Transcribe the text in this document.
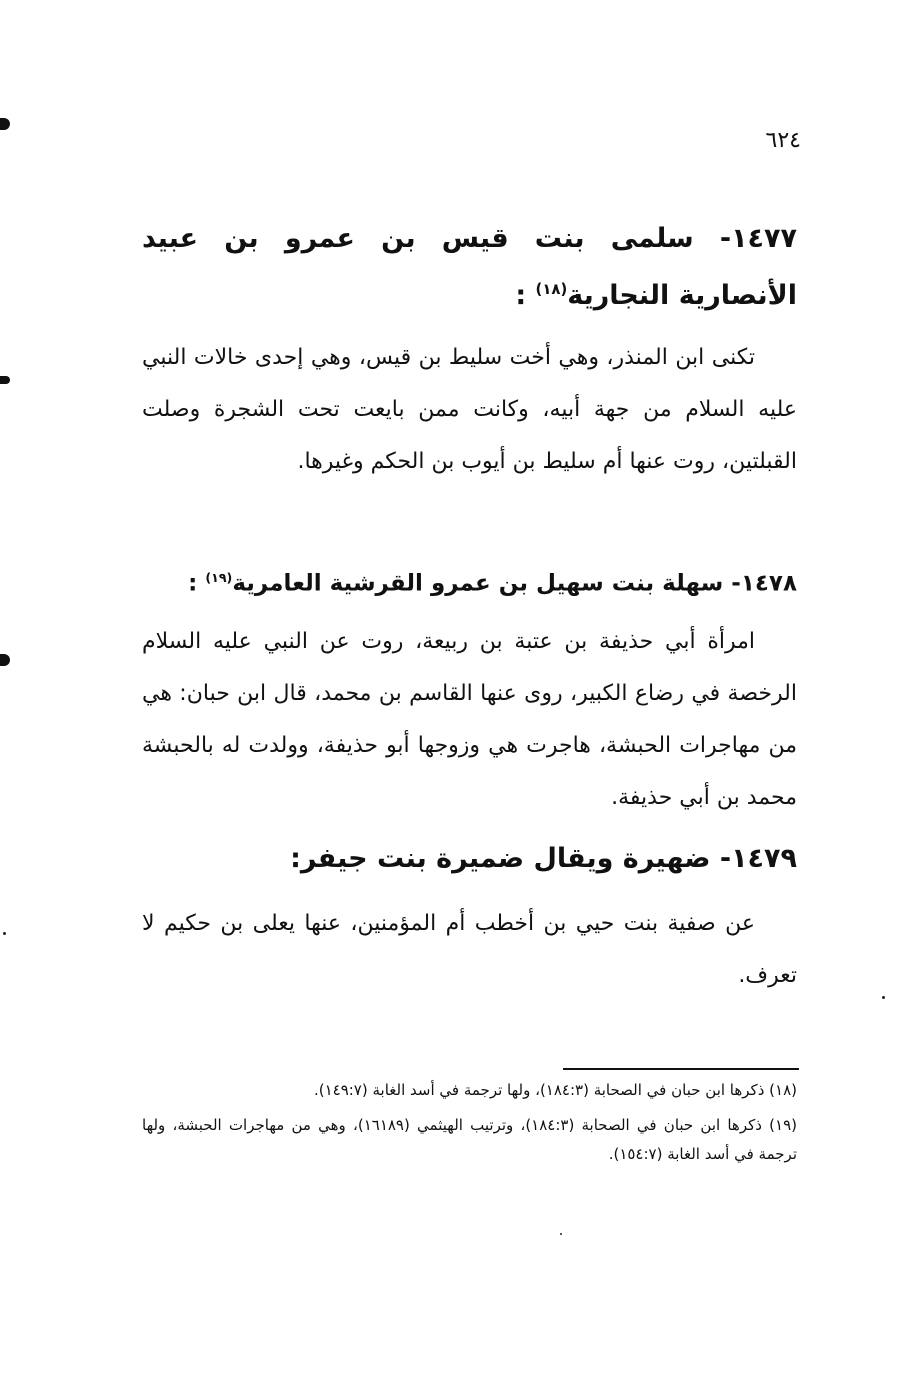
٦٢٤
١٤٧٧- سلمى بنت قيس بن عمرو بن عبيد الأنصارية النجارية$^{(١٨)}$ :
تكنى ابن المنذر، وهي أخت سليط بن قيس، وهي إحدى خالات النبي عليه السلام من جهة أبيه، وكانت ممن بايعت تحت الشجرة وصلت القبلتين، روت عنها أم سليط بن أيوب بن الحكم وغيرها.
١٤٧٨- سهلة بنت سهيل بن عمرو القرشية العامرية$^{(١٩)}$ :
امرأة أبي حذيفة بن عتبة بن ربيعة، روت عن النبي عليه السلام الرخصة في رضاع الكبير، روى عنها القاسم بن محمد، قال ابن حبان: هي من مهاجرات الحبشة، هاجرت هي وزوجها أبو حذيفة، وولدت له بالحبشة محمد بن أبي حذيفة.
١٤٧٩- ضهيرة ويقال ضميرة بنت جيفر:
عن صفية بنت حيي بن أخطب أم المؤمنين، عنها يعلى بن حكيم لا تعرف.

(١٨) ذكرها ابن حبان في الصحابة (١٨٤:٣)، ولها ترجمة في أسد الغابة (١٤٩:٧).

(١٩) ذكرها ابن حبان في الصحابة (١٨٤:٣)، وترتيب الهيثمي (١٦١٨٩)، وهي من مهاجرات الحبشة، ولها ترجمة في أسد الغابة (١٥٤:٧).
